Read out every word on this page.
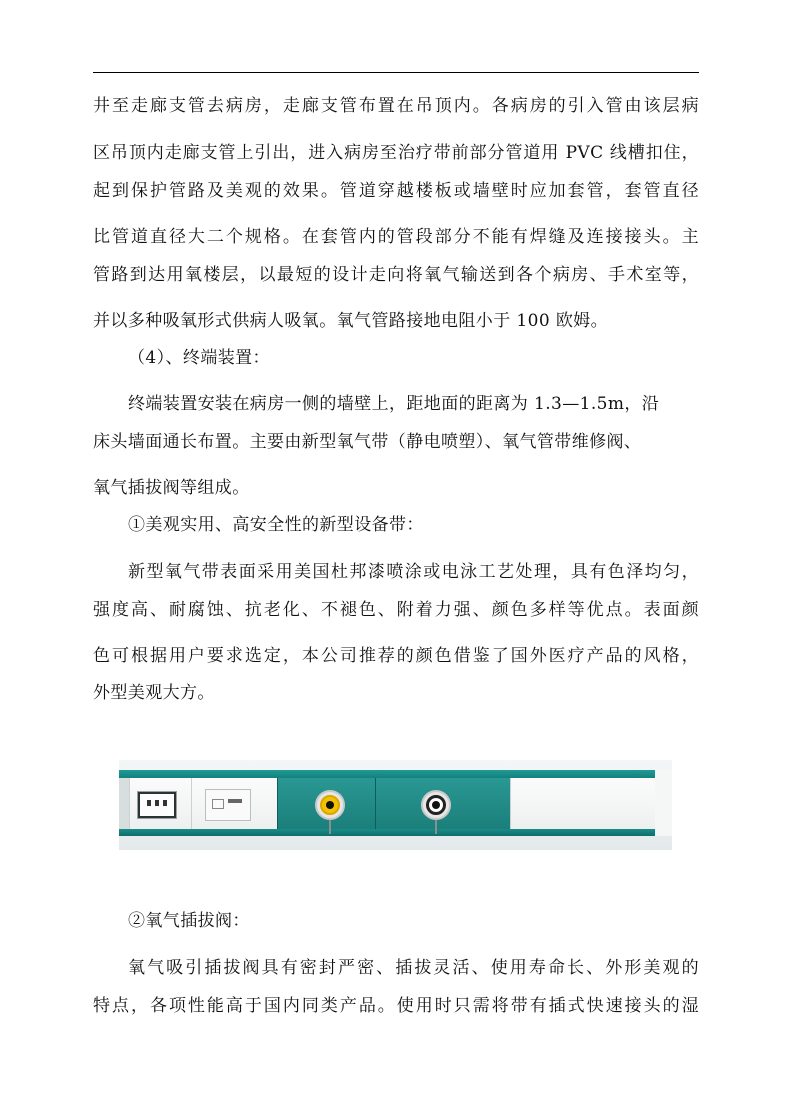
井至走廊支管去病房，走廊支管布置在吊顶内。各病房的引入管由该层病
区吊顶内走廊支管上引出，进入病房至治疗带前部分管道用 PVC 线槽扣住，
起到保护管路及美观的效果。管道穿越楼板或墙壁时应加套管，套管直径
比管道直径大二个规格。在套管内的管段部分不能有焊缝及连接接头。主
管路到达用氧楼层，以最短的设计走向将氧气输送到各个病房、手术室等，
并以多种吸氧形式供病人吸氧。氧气管路接地电阻小于 100 欧姆。
（4）、终端装置：
终端装置安装在病房一侧的墙壁上，距地面的距离为 1.3—1.5m，沿
床头墙面通长布置。主要由新型氧气带（静电喷塑）、氧气管带维修阀、
氧气插拔阀等组成。
①美观实用、高安全性的新型设备带：
新型氧气带表面采用美国杜邦漆喷涂或电泳工艺处理，具有色泽均匀，
强度高、耐腐蚀、抗老化、不褪色、附着力强、颜色多样等优点。表面颜
色可根据用户要求选定，本公司推荐的颜色借鉴了国外医疗产品的风格，
外型美观大方。
②氧气插拔阀：
氧气吸引插拔阀具有密封严密、插拔灵活、使用寿命长、外形美观的
特点，各项性能高于国内同类产品。使用时只需将带有插式快速接头的湿
